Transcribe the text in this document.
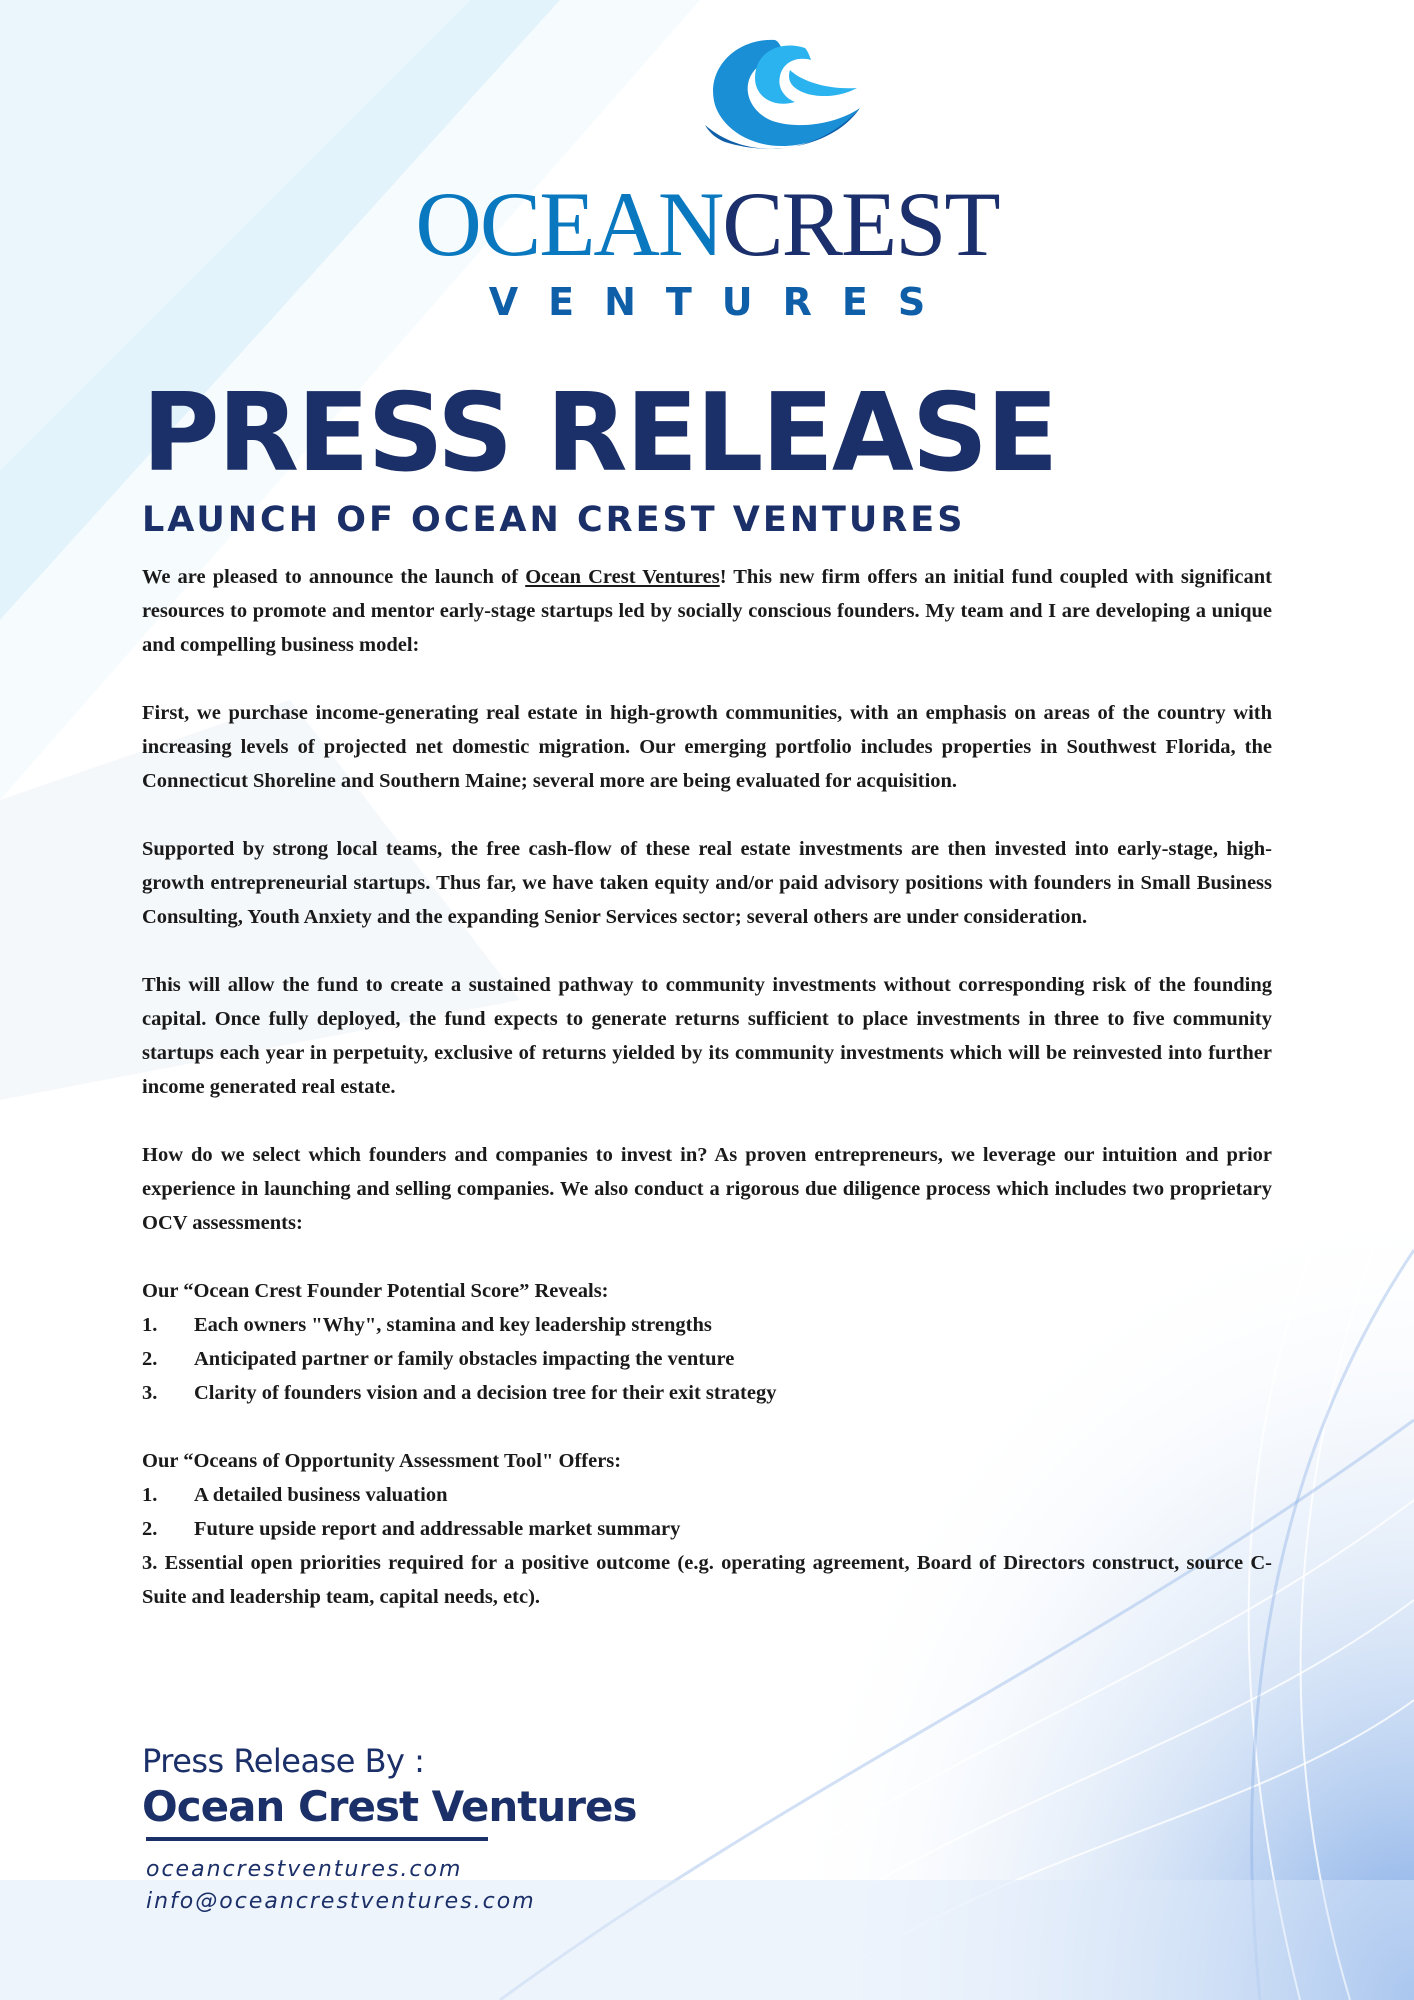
OCEANCREST
VENTURES
PRESS RELEASE
LAUNCH OF OCEAN CREST VENTURES

We are pleased to announce the launch of Ocean Crest Ventures! This new firm offers an initial fund coupled with significant resources to promote and mentor early-stage startups led by socially conscious founders. My team and I are developing a unique and compelling business model:

First, we purchase income-generating real estate in high-growth communities, with an emphasis on areas of the country with increasing levels of projected net domestic migration. Our emerging portfolio includes properties in Southwest Florida, the Connecticut Shoreline and Southern Maine; several more are being evaluated for acquisition.

Supported by strong local teams, the free cash-flow of these real estate investments are then invested into early-stage, high-growth entrepreneurial startups. Thus far, we have taken equity and/or paid advisory positions with founders in Small Business Consulting, Youth Anxiety and the expanding Senior Services sector; several others are under consideration.

This will allow the fund to create a sustained pathway to community investments without corresponding risk of the founding capital. Once fully deployed, the fund expects to generate returns sufficient to place investments in three to five community startups each year in perpetuity, exclusive of returns yielded by its community investments which will be reinvested into further income generated real estate.

How do we select which founders and companies to invest in? As proven entrepreneurs, we leverage our intuition and prior experience in launching and selling companies. We also conduct a rigorous due diligence process which includes two proprietary OCV assessments:

Our “Ocean Crest Founder Potential Score” Reveals:

1.	Each owners "Why", stamina and key leadership strengths
2.	Anticipated partner or family obstacles impacting the venture
3.	Clarity of founders vision and a decision tree for their exit strategy

Our “Oceans of Opportunity Assessment Tool" Offers:

1.	A detailed business valuation
2.	Future upside report and addressable market summary

3. Essential open priorities required for a positive outcome (e.g. operating agreement, Board of Directors construct, source C-Suite and leadership team, capital needs, etc).

Press Release By :

Ocean Crest Ventures

oceancrestventures.com

info@oceancrestventures.com
